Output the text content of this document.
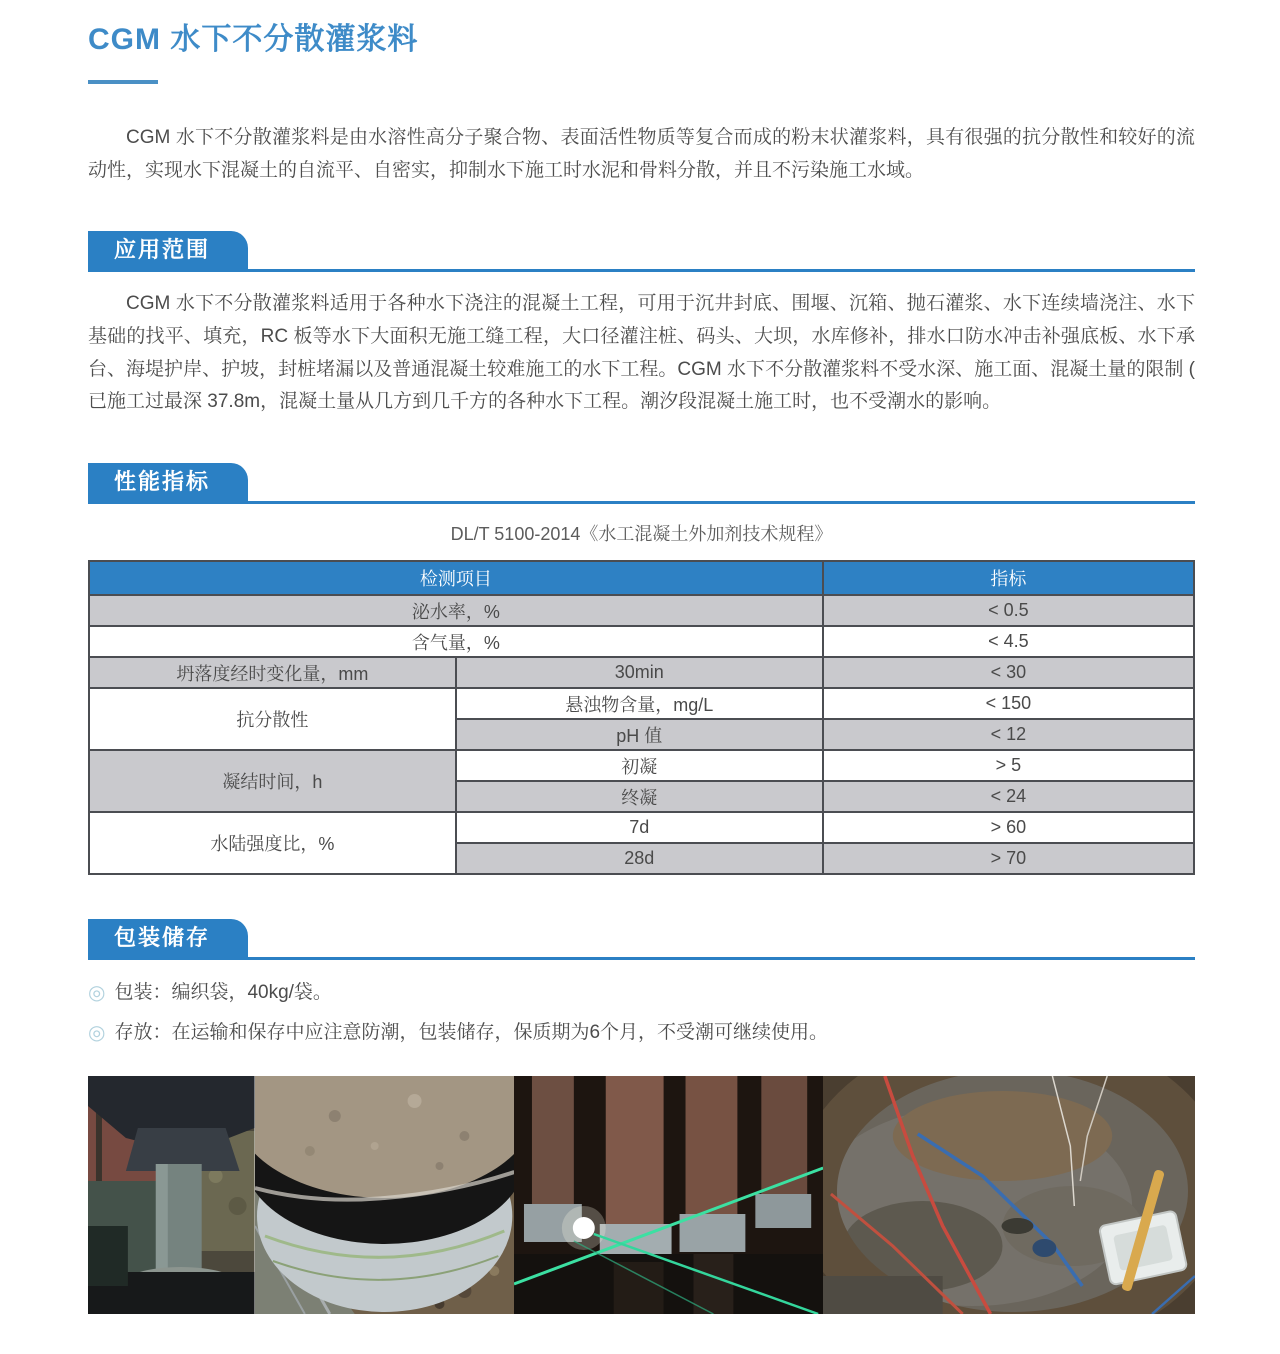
CGM 水下不分散灌浆料

CGM 水下不分散灌浆料是由水溶性高分子聚合物、表面活性物质等复合而成的粉末状灌浆料，具有很强的抗分散性和较好的流动性，实现水下混凝土的自流平、自密实，抑制水下施工时水泥和骨料分散，并且不污染施工水域。

应用范围

CGM 水下不分散灌浆料适用于各种水下浇注的混凝土工程，可用于沉井封底、围堰、沉箱、抛石灌浆、水下连续墙浇注、水下基础的找平、填充，RC 板等水下大面积无施工缝工程，大口径灌注桩、码头、大坝，水库修补，排水口防水冲击补强底板、水下承台、海堤护岸、护坡，封桩堵漏以及普通混凝土较难施工的水下工程。CGM 水下不分散灌浆料不受水深、施工面、混凝土量的限制 ( 已施工过最深 37.8m，混凝土量从几方到几千方的各种水下工程。潮汐段混凝土施工时，也不受潮水的影响。

性能指标
DL/T 5100-2014《水工混凝土外加剂技术规程》
检测项目		指标
泌水率，%		< 0.5
含气量，%		< 4.5
坍落度经时变化量，mm	30min	< 30
抗分散性	悬浊物含量，mg/L	< 150
	pH 值	< 12
凝结时间，h	初凝	> 5
	终凝	< 24
水陆强度比，%	7d	> 60
	28d	> 70
包装储存
◎ 包装：编织袋，40kg/袋。
◎ 存放：在运输和保存中应注意防潮，包装储存，保质期为6个月，不受潮可继续使用。
